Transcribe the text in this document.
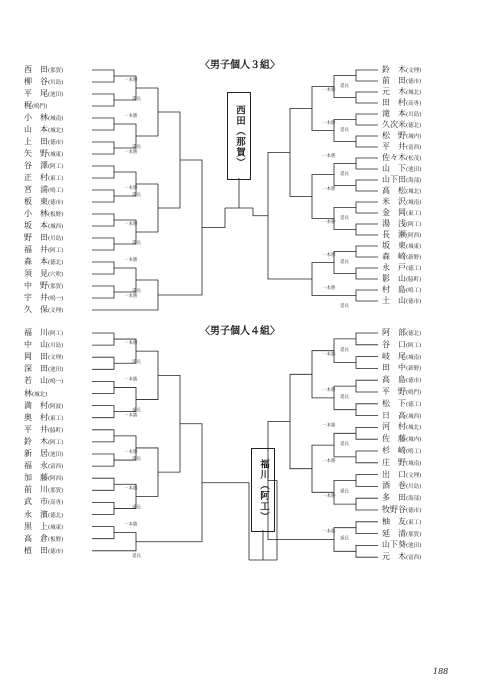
〈男子個人３組〉
〈男子個人４組〉
西田（那賀）
福川（阿工）
西　田(那賀)
柳　谷(川島)
平　尾(池田)
梶(鳴門)
小　林(城南)
山　本(城北)
上　田(徳市)
矢　野(城東)
谷　澤(阿工)
正　村(東工)
宮　浦(鳴工)
板　東(徳市)
小　林(板野)
坂　本(城西)
野　田(川島)
福　井(阿工)
森　本(徳北)
須　見(穴吹)
中　野(那賀)
宇　井(鳴一)
久　保(文理)
鈴　木(文理)
前　田(徳市)
元　木(城北)
田　村(高専)
滝　本(川島)
久次米(徳北)
松　野(城内)
平　井(富西)
佐々木(松茂)
山　下(池田)
山下田(海部)
高　松(城北)
米　沢(城南)
金　岡(東工)
湯　浅(阿工)
長　瀬(阿西)
坂　東(城東)
森　崎(新野)
永　戸(徳工)
影　山(脇町)
村　島(鳴工)
土　山(徳市)
福　川(阿工)
中　山(川島)
岡　田(文理)
深　田(池田)
若　山(鳴一)
林(城北)
満　村(阿波)
奥　村(東工)
平　井(脇町)
鈴　木(阿工)
新　居(池田)
福　永(富西)
加　藤(阿西)
前　川(那賀)
武　市(高専)
永　濱(徳北)
黒　上(城東)
高　倉(板野)
植　田(徳市)
阿　部(徳北)
谷　口(阿工)
岐　尾(城南)
田　中(新野)
高　島(徳市)
平　野(鳴門)
松　下(徳工)
日　高(城西)
河　村(城北)
佐　藤(城内)
杉　崎(鳴工)
庄　野(城南)
出　口(文理)
酒　巻(川島)
多　田(海部)
牧野谷(徳市)
柚　友(東工)
延　清(那賀)
山下葵(池田)
元　木(富西)
一本勝
延長
一本勝
延長
一本勝
一本勝
延長
一本勝
延長
一本勝
延長
一本勝
延長
一本勝
一本勝
延長
一本勝
延長
一本勝
延長
一本勝
一本勝
延長
一本勝
延長
一本勝
延長
一本勝
延長
一本勝
一本勝
延長
一本勝
延長
一本勝
延長
延長
一本勝
一本勝
延長
一本勝
延長
一本勝
延長
一本勝
一本勝
延長
188
